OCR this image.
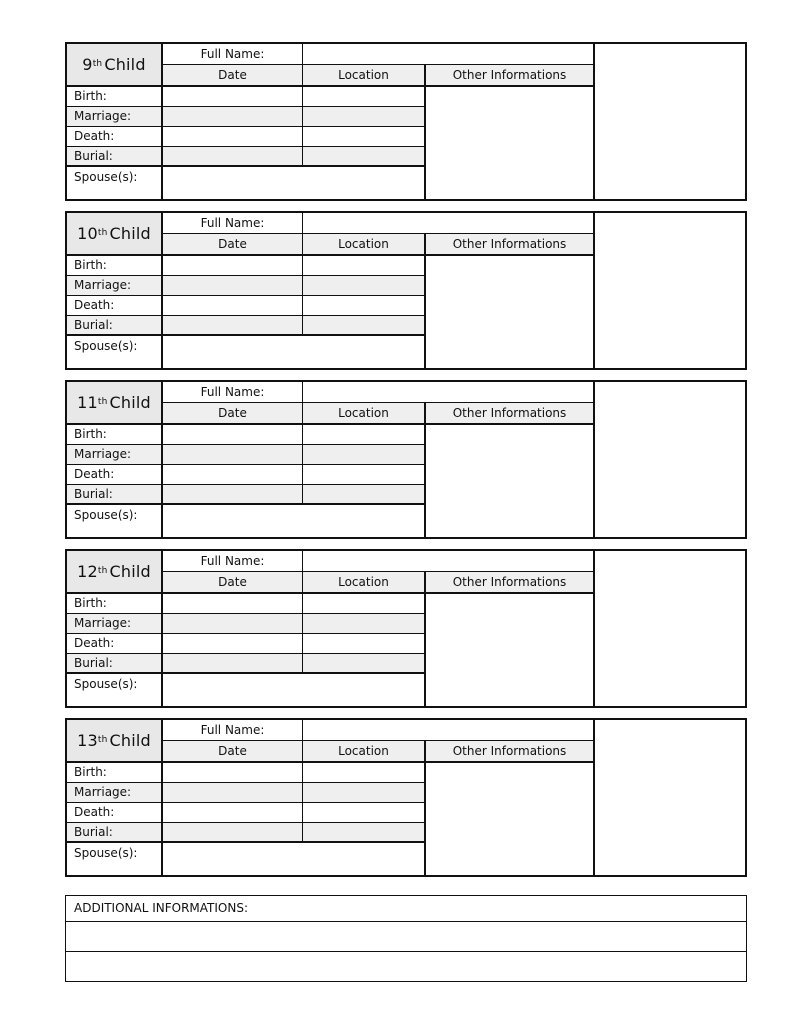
9th Child
Full Name:
Date	Location	Other Informations
Birth:
Marriage:
Death:
Burial:
Spouse(s):
10th Child
Full Name:
Date	Location	Other Informations
Birth:
Marriage:
Death:
Burial:
Spouse(s):
11th Child
Full Name:
Date	Location	Other Informations
Birth:
Marriage:
Death:
Burial:
Spouse(s):
12th Child
Full Name:
Date	Location	Other Informations
Birth:
Marriage:
Death:
Burial:
Spouse(s):
13th Child
Full Name:
Date	Location	Other Informations
Birth:
Marriage:
Death:
Burial:
Spouse(s):
ADDITIONAL INFORMATIONS:
